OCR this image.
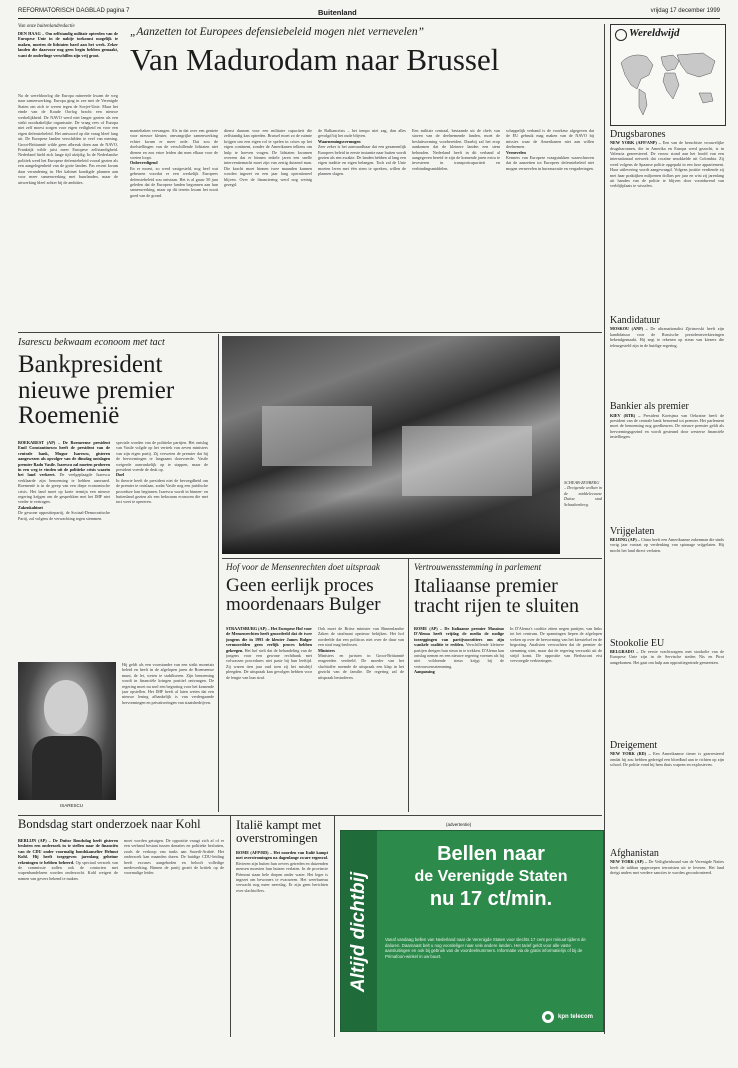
REFORMATORISCH DAGBLAD pagina 7	Buitenland	vrijdag 17 december 1999
Van onze buitenlandredactie
DEN HAAG – Om zelfstandig militair optreden van de Europese Unie in de nabije toekomst mogelijk te maken, moeten de lidstaten hard aan het werk. Zeker landen die daarvoor nog geen begin hebben gemaakt, want de onderlinge verschillen zijn vrij groot.
Na de wereldoorlog die Europa ruïneerde kwam de weg naar samenwerking. Europa ging in zee met de Verenigde Staten om zich te weren tegen de Sovjet-Unie. Maar het einde van de Koude Oorlog bracht een nieuwe werkelijkheid. De NAVO werd niet langer gezien als een strikt noodzakelijke organisatie. De vraag rees of Europa niet zelf moest zorgen voor eigen veiligheid en voor een eigen defensiebeleid. Het antwoord op die vraag bleef lang uit. De Europese landen verschilden te veel van mening. Groot-Brittannië wilde geen afbreuk doen aan de NAVO, Frankrijk wilde juist meer Europese zelfstandigheid. Nederland hield zich lange tijd afzijdig. In de Nederlandse politiek werd het Europese defensiebeleid vooral gezien als een aangelegenheid van de grote landen. Pas recent kwam daar verandering in. Het kabinet kondigde plannen aan voor meer samenwerking met buurlanden, maar de uitwerking bleef achter bij de ambities.
„Aanzetten tot Europees defensiebeleid mogen niet vernevelen”
Van Madurodam naar Brussel
manteltaken vervangen. Als in dat over een geniete voor nieuwe kleuter, omvangrijke samenwerking echter kwam er meer orde. Dat zou de doelstellingen van de verschillende lidstaten niet dienen en zou ertoe leiden dat men elkaar voor de voeten loopt.
Onbevredigend
En er moest, zo werd vastgesteld, nog heel wat gebeuren voordat er een werkelijk Europees defensiebeleid zou ontstaan. Het is al gauw 50 jaar geleden dat de Europese landen begonnen aan hun samenwerking, maar op dit terrein kwam het nooit goed van de grond.
dienst daarom voor een militaire capaciteit die zelfstandig kan optreden. Brussel moet zo de ruimte krijgen om een eigen rol te spelen in crises op het eigen continent, zonder de Amerikanen telkens om hulp te hoeven vragen. De lidstaten kwamen overeen dat er binnen enkele jaren een snelle interventiemacht moet zijn van zestig duizend man. Die kracht moet binnen twee maanden kunnen worden ingezet en een jaar lang operationeel blijven. Over de financiering werd nog weinig gezegd.
de Balkancrisis – het tempo niet zag, dan alles gevolgd bij het oude blijven.
Waarnemingsvermogen
Zeer zeker is het aanvaardbaar dat een gezamenlijk Europees beleid in eerste instantie naar buiten wordt gezien als een zwakte. De landen hebben al lang een eigen traditie en eigen belangen. Toch zal de Unie moeten leren met één stem te spreken, willen de plannen slagen.
Een militair centraal, bestaande uit de chefs van staven van de deelnemende landen, moet de besluitvorming voorbereiden. Daarbij zal het erop aankomen dat de kleinere landen een stem behouden. Nederland heeft in dit verband al aangegeven bereid te zijn de komende jaren extra te investeren in transportcapaciteit en verbindingsmiddelen.
schappelijk verband is de voorkeur afgegeven dat de EU gebruik mag maken van de NAVO bij missies waar de Amerikanen niet aan willen deelnemen.
Vernevelen
Kenners van Europese vraagstukken waarschuwen dat de aanzetten tot Europees defensiebeleid niet mogen vernevelen in bureaucratie en vergaderingen.
Wereldwijd
Drugsbarones
NEW YORK (AFP/ANP) – Een van de beruchtste vrouwelijke drugsbaronnen, die in Amerika en Europa werd gezocht, is in Valencia gearresteerd. De vrouw stond aan het hoofd van een internationaal netwerk dat cocaïne smokkelde uit Colombia. Zij werd volgens de Spaanse politie opgepakt in een luxe appartement. Haar uitlevering wordt aangevraagd. Volgens justitie verdiende zij met haar praktijken miljoenen dollars per jaar en wist zij jarenlang uit handen van de politie te blijven door voortdurend van verblijfplaats te wisselen.
Kandidatuur
MOSKOU (ANP) – De ultranationalist Zjirinovski heeft zijn kandidatuur voor de Russische presidentsverkiezingen bekendgemaakt. Hij zegt te rekenen op steun van kiezers die teleurgesteld zijn in de huidige regering.
Bankier als premier
KIEV (RTR) – President Koetsjma van Oekraïne heeft de president van de centrale bank benoemd tot premier. Het parlement moet de benoeming nog goedkeuren. De nieuwe premier geldt als hervormingsgezind en wordt gesteund door westerse financiële instellingen.
Vrijgelaten
BEIJING (AP) – China heeft een Amerikaanse zakenman die sinds vorig jaar vastzat op verdenking van spionage vrijgelaten. Hij mocht het land direct verlaten.
Stookolie EU
BELGRADO – De eerste vrachtwagens met stookolie van de Europese Unie zijn in de Servische steden Nis en Pirot aangekomen. Het gaat om hulp aan oppositiegezinde gemeenten.
Dreigement
NEW YORK (RD) – Een Amerikaanse tiener is gearresteerd omdat hij zou hebben gedreigd een bloedbad aan te richten op zijn school. De politie vond bij hem thuis wapens en explosieven.
Afghanistan
NEW YORK (AP) – De Veiligheidsraad van de Verenigde Naties heeft de taliban opgeroepen terroristen uit te leveren. Het land dreigt anders met verdere sancties te worden geconfronteerd.
Isarescu bekwaam econoom met tact
Bankpresident nieuwe premier Roemenië
BOEKAREST (AP) – De Roemeense president Emil Constantinescu heeft de president van de centrale bank, Mugur Isarescu, gisteren aangewezen als opvolger van de dinsdag ontslagen premier Radu Vasile. Isarescu zal moeten proberen in een weg te vinden uit de politieke crisis waarin het land verkeert. De veelgeplaagde Isarescu verklaarde zijn benoeming te hebben aanvaard. Roemenië is in de greep van een diepe economische crisis. Het land moet op korte termijn een nieuwe regering krijgen om de gesprekken met het IMF niet verder te vertragen.
Zakenkabinet
De gewone oppositiepartij, de Sociaal-Democratische Partij, zal volgens de verwachting tegen stemmen.
speciale worden van de politieke partijen. Het ontslag van Vasile volgde op het vertrek van zeven ministers van zijn eigen partij. Zij verweten de premier dat hij de hervormingen te langzaam doorvoerde. Vasile weigerde aanvankelijk op te stappen, maar de president voerde de druk op.
Doel
In theorie heeft de president niet de bevoegdheid om de premier te ontslaan, zodat Vasile nog een juridische procedure kan beginnen. Isarescu wordt in binnen- en buitenland gezien als een bekwaam econoom die met tact weet te opereren.
ISARESCU
Hij geldt als een voorstander van een strikt monetair beleid en heeft in de afgelopen jaren de Roemeense munt, de lei, weten te stabiliseren. Zijn benoeming wordt in financiële kringen positief ontvangen. De regering moet nu snel een begroting voor het komende jaar opstellen. Het IMF heeft al laten weten dat een nieuwe lening afhankelijk is van verdergaande hervormingen en privatiseringen van staatsbedrijven.
SCHEAB-ZENBERG – Dreigende wolken in de middeleeuwse Duitse stad Schaabenberg.
Hof voor de Mensenrechten doet uitspraak
Geen eerlijk proces moordenaars Bulger
STRAATSBURG (AP) – Het Europese Hof voor de Mensenrechten heeft geoordeeld dat de twee jongens die in 1993 de kleuter James Bulger vermoordden geen eerlijk proces hebben gekregen. Het hof stelt dat de behandeling van de jongens voor een gewone rechtbank met volwassen procedures niet paste bij hun leeftijd. Zij waren tien jaar oud toen zij het misdrijf pleegden. De uitspraak kan gevolgen hebben voor de lengte van hun straf.
Ook moet de Britse minister van Binnenlandse Zaken de strafmaat opnieuw bekijken. Het hof oordeelde dat een politicus niet over de duur van een straf mag beslissen.
Ministers
Ministers en juristen in Groot-Brittannië reageerden verdeeld. De moeder van het slachtoffer noemde de uitspraak een klap in het gezicht van de familie. De regering zal de uitspraak bestuderen.
Vertrouwensstemming in parlement
Italiaanse premier tracht rijen te sluiten
ROME (AP) – De Italiaanse premier Massimo D'Alema heeft vrijdag de media de nodige toezeggingen van partijvoorzitters om zijn wankele coalitie te redden. Verschillende kleinere partijen dreigen hun steun in te trekken. D'Alema kan ontslag nemen en een nieuwe regering vormen als hij niet voldoende steun krijgt bij de vertrouwensstemming.
Aanpassing
In D'Alema's coalitie zitten negen partijen, van links tot het centrum. De spanningen liepen de afgelopen weken op over de hervorming van het kiesstelsel en de begroting. Analisten verwachten dat de premier de stemming wint, maar dat de regering verzwakt uit de strijd komt. De oppositie van Berlusconi eist vervroegde verkiezingen.
Bondsdag start onderzoek naar Kohl
BERLIJN (AP) – De Duitse Bondsdag heeft gisteren besloten een onderzoek in te stellen naar de financiën van de CDU onder voormalig bondskanselier Helmut Kohl. Hij heeft toegegeven jarenlang geheime rekeningen te hebben beheerd. Op speciaal verzoek van de commissie zullen ook de contacten met wapenhandelaren worden onderzocht. Kohl weigert de namen van gevers bekend te maken.
moet worden getuigen. De oppositie vraagt zich af of er een verband bestaat tussen donaties en politieke besluiten, zoals de verkoop van tanks aan Saoedi-Arabië. Het onderzoek kan maanden duren. De huidige CDU-leiding heeft excuses aangeboden en belooft volledige medewerking. Binnen de partij groeit de kritiek op de voormalige leider.
Italië kampt met overstromingen
ROME (AFP/RD) – Het noorden van Italië kampt met overstromingen na dagenlange zware regenval. Rivieren zijn buiten hun oevers getreden en duizenden mensen moesten hun huizen verlaten. In de provincie Piëmont staan hele dorpen onder water. Het leger is ingezet om bewoners te evacueren. Het weerbureau verwacht nog meer neerslag. Er zijn geen berichten over slachtoffers.
(advertentie)
Altijd dichtbij
Bellen naar
de Verenigde Staten
nu 17 ct/min.
Vanaf vandaag bellen van Nederland naar de Verenigde Staten voor slechts 17 cent per minuut tijdens de daluren. Daarnaast belt u nog voordeliger naar vele andere landen. Het tarief geldt voor alle vaste aansluitingen en ook bij gebruik van de voordeelnummers. Informatie via de gratis informatielijn of bij de Primafoon-winkel in uw buurt.
kpn telecom
